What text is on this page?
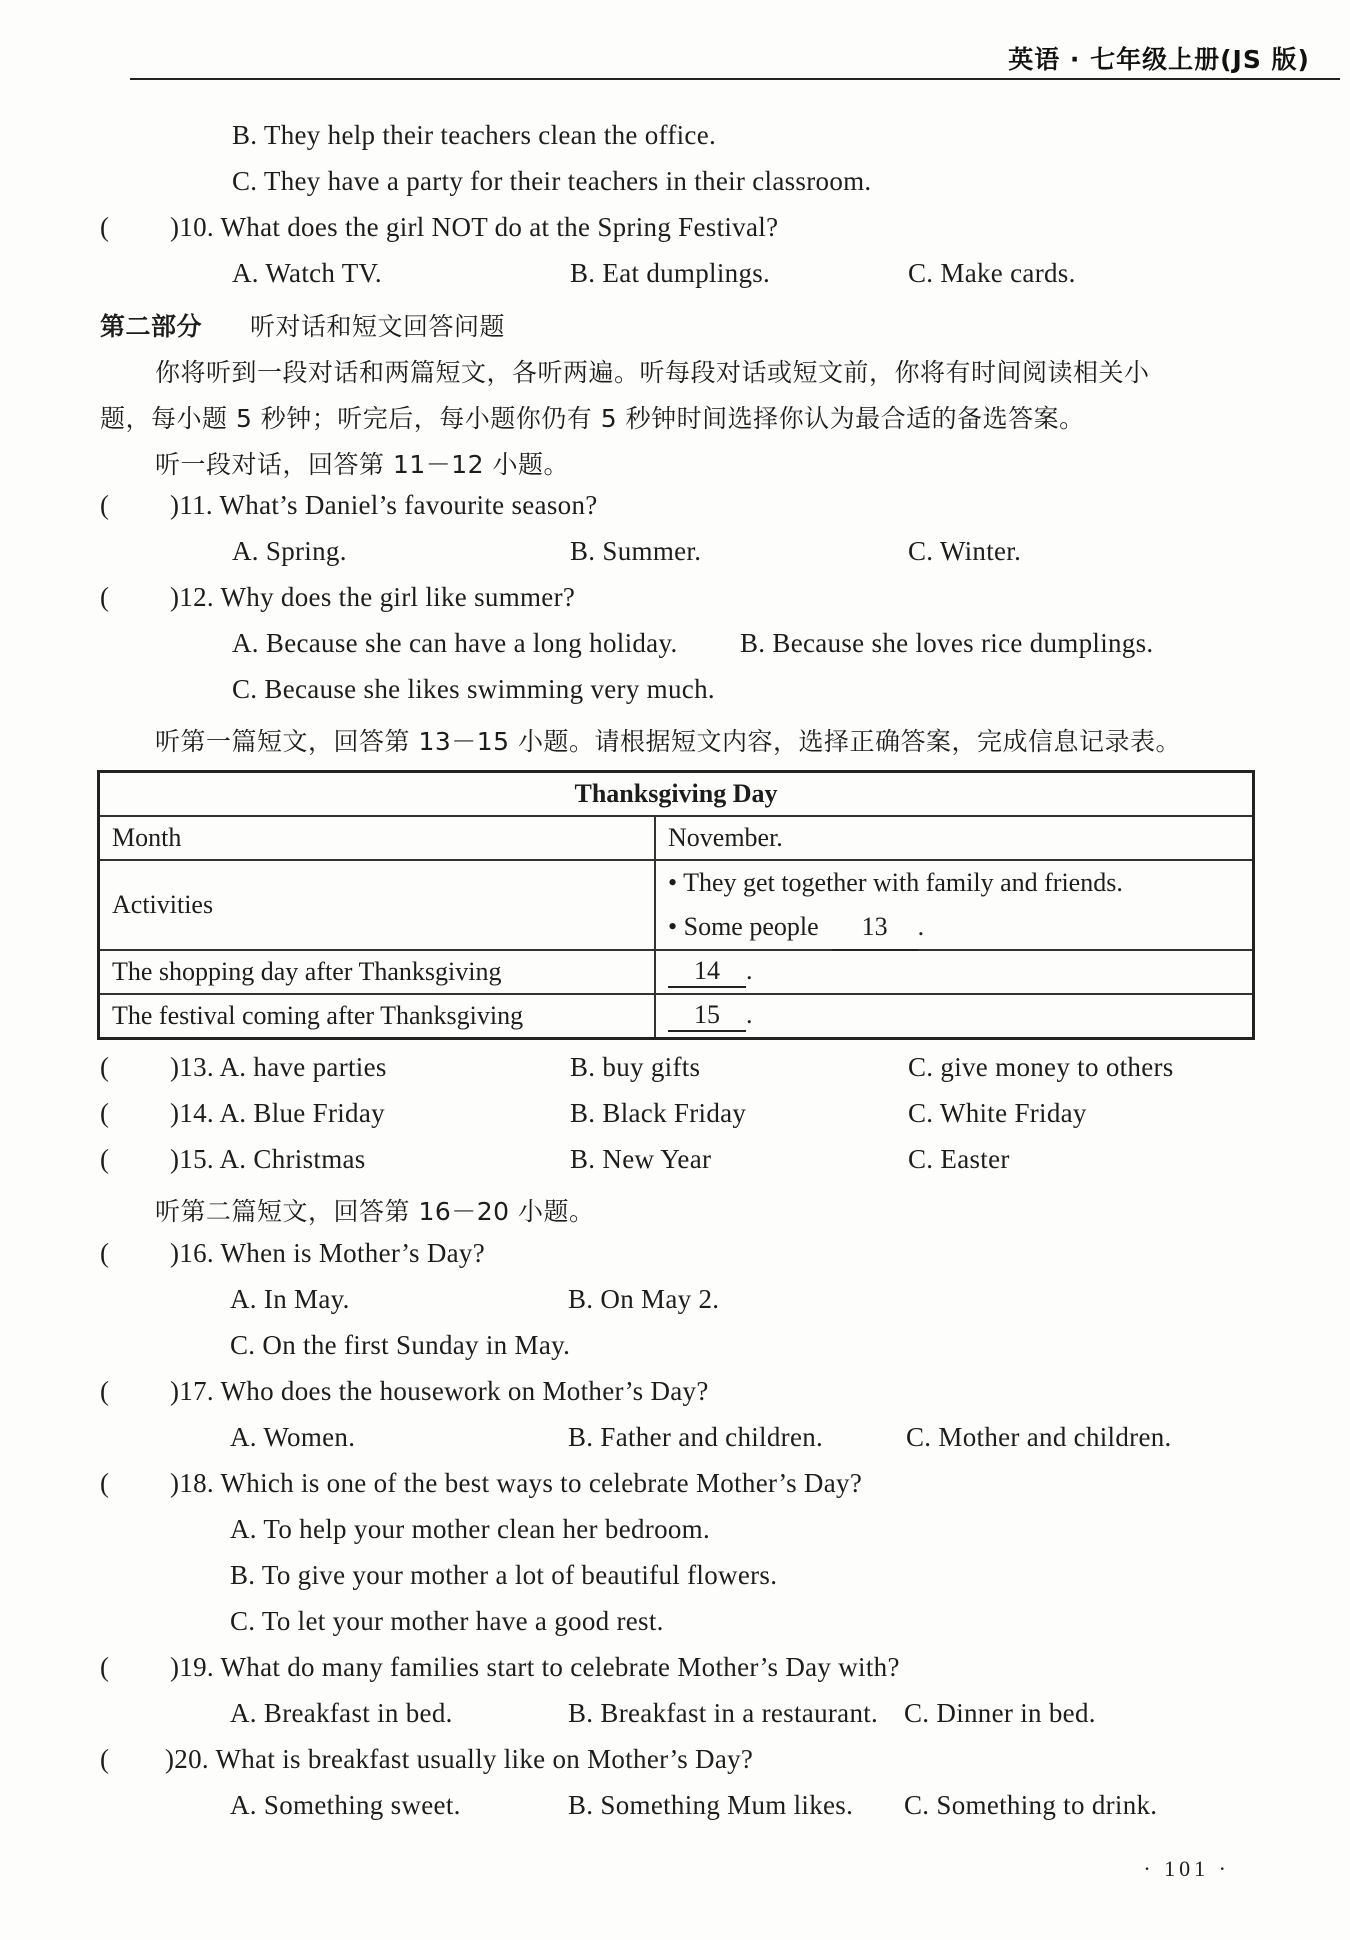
英语 · 七年级上册(JS 版)
B. They help their teachers clean the office.
C. They have a party for their teachers in their classroom.
( )10. What does the girl NOT do at the Spring Festival?
A. Watch TV.	B. Eat dumplings.	C. Make cards.
第二部分 听对话和短文回答问题
你将听到一段对话和两篇短文，各听两遍。听每段对话或短文前，你将有时间阅读相关小
题，每小题 5 秒钟；听完后，每小题你仍有 5 秒钟时间选择你认为最合适的备选答案。
听一段对话，回答第 11－12 小题。
( )11. What’s Daniel’s favourite season?
A. Spring.	B. Summer.	C. Winter.
( )12. Why does the girl like summer?
A. Because she can have a long holiday. B. Because she loves rice dumplings.
C. Because she likes swimming very much.
听第一篇短文，回答第 13－15 小题。请根据短文内容，选择正确答案，完成信息记录表。
Thanksgiving Day	
Month	November.
Activities	• They get together with family and friends.
• Some people 13 .

The shopping day after Thanksgiving	14 .
The festival coming after Thanksgiving	15 .
( )13. A. have parties	B. buy gifts	C. give money to others
( )14. A. Blue Friday	B. Black Friday	C. White Friday
( )15. A. Christmas	B. New Year	C. Easter
听第二篇短文，回答第 16－20 小题。
( )16. When is Mother’s Day?
A. In May.	B. On May 2.
C. On the first Sunday in May.
( )17. Who does the housework on Mother’s Day?
A. Women.	B. Father and children.	C. Mother and children.
( )18. Which is one of the best ways to celebrate Mother’s Day?
A. To help your mother clean her bedroom.
B. To give your mother a lot of beautiful flowers.
C. To let your mother have a good rest.
( )19. What do many families start to celebrate Mother’s Day with?
A. Breakfast in bed.	B. Breakfast in a restaurant. C. Dinner in bed.
( )20. What is breakfast usually like on Mother’s Day?
A. Something sweet.	B. Something Mum likes. C. Something to drink.
· 101 ·
